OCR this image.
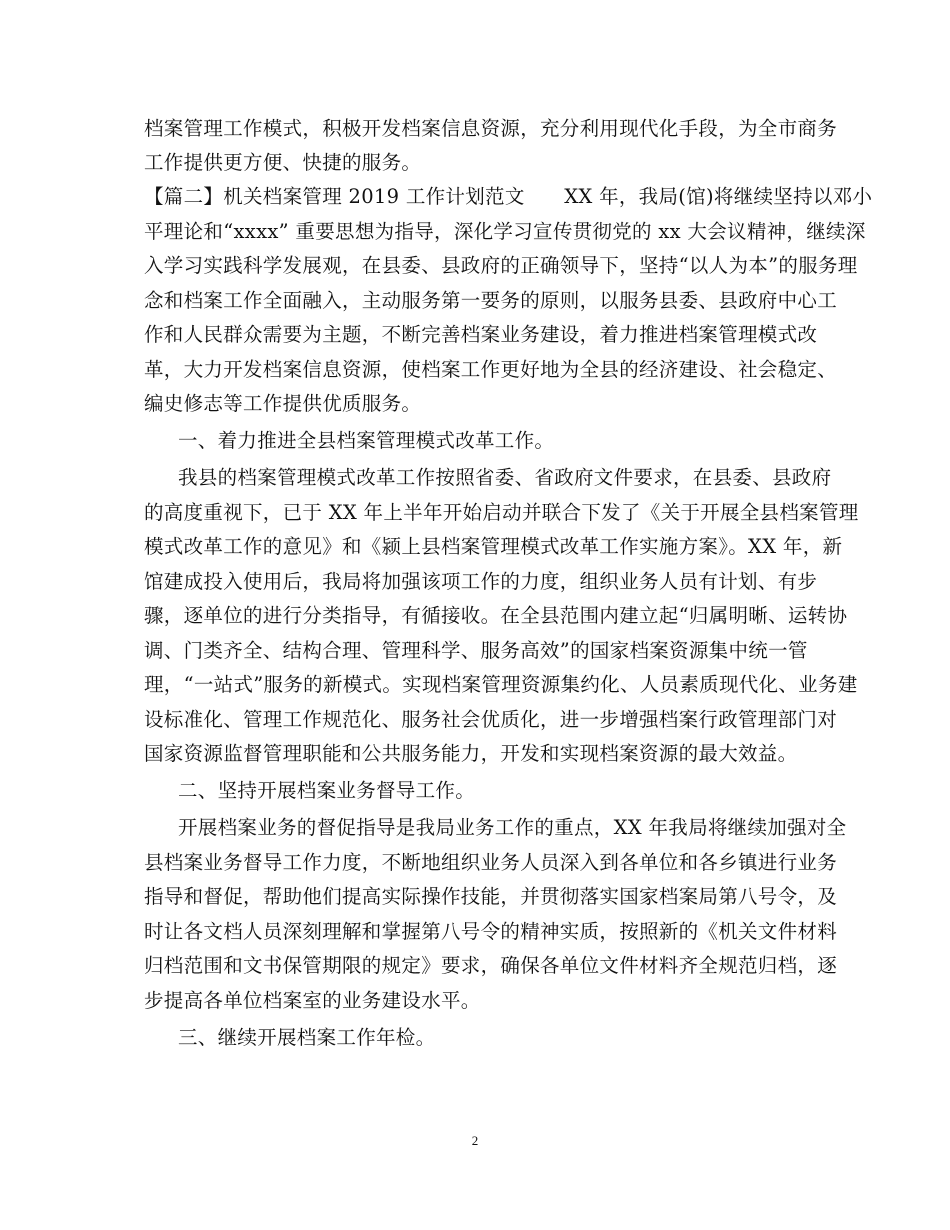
档案管理工作模式，积极开发档案信息资源，充分利用现代化手段，为全市商务
工作提供更方便、快捷的服务。
【篇二】机关档案管理 2019 工作计划范文　　XX 年，我局(馆)将继续坚持以邓小
平理论和“xxxx” 重要思想为指导，深化学习宣传贯彻党的 xx 大会议精神，继续深
入学习实践科学发展观，在县委、县政府的正确领导下，坚持“以人为本”的服务理
念和档案工作全面融入，主动服务第一要务的原则，以服务县委、县政府中心工
作和人民群众需要为主题，不断完善档案业务建设，着力推进档案管理模式改
革，大力开发档案信息资源，使档案工作更好地为全县的经济建设、社会稳定、
编史修志等工作提供优质服务。
一、着力推进全县档案管理模式改革工作。
我县的档案管理模式改革工作按照省委、省政府文件要求，在县委、县政府
的高度重视下，已于 XX 年上半年开始启动并联合下发了《关于开展全县档案管理
模式改革工作的意见》和《颍上县档案管理模式改革工作实施方案》。XX 年，新
馆建成投入使用后，我局将加强该项工作的力度，组织业务人员有计划、有步
骤，逐单位的进行分类指导，有循接收。在全县范围内建立起“归属明晰、运转协
调、门类齐全、结构合理、管理科学、服务高效”的国家档案资源集中统一管
理，“一站式”服务的新模式。实现档案管理资源集约化、人员素质现代化、业务建
设标准化、管理工作规范化、服务社会优质化，进一步增强档案行政管理部门对
国家资源监督管理职能和公共服务能力，开发和实现档案资源的最大效益。
二、坚持开展档案业务督导工作。
开展档案业务的督促指导是我局业务工作的重点，XX 年我局将继续加强对全
县档案业务督导工作力度，不断地组织业务人员深入到各单位和各乡镇进行业务
指导和督促，帮助他们提高实际操作技能，并贯彻落实国家档案局第八号令，及
时让各文档人员深刻理解和掌握第八号令的精神实质，按照新的《机关文件材料
归档范围和文书保管期限的规定》要求，确保各单位文件材料齐全规范归档，逐
步提高各单位档案室的业务建设水平。
三、继续开展档案工作年检。
2
